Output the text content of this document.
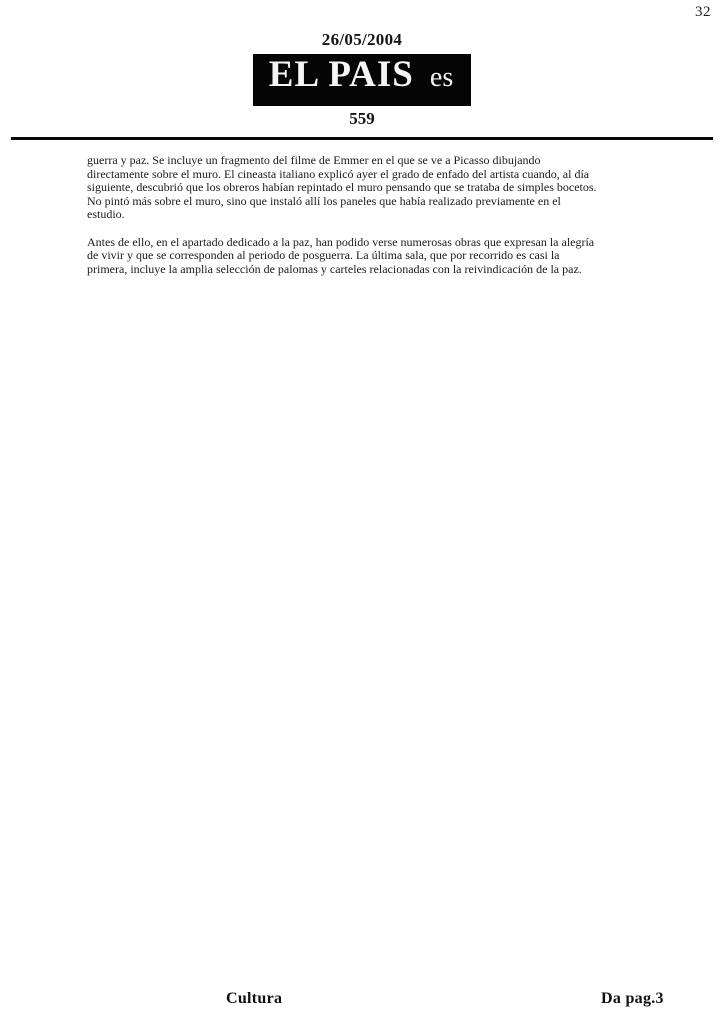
32
26/05/2004
EL PAIS es
559
guerra y paz. Se incluye un fragmento del filme de Emmer en el que se ve a Picasso dibujando
directamente sobre el muro. El cineasta italiano explicó ayer el grado de enfado del artista cuando, al día
siguiente, descubrió que los obreros habían repintado el muro pensando que se trataba de simples bocetos.
No pintó más sobre el muro, sino que instaló allí los paneles que había realizado previamente en el
estudio.
Antes de ello, en el apartado dedicado a la paz, han podido verse numerosas obras que expresan la alegría
de vivir y que se corresponden al periodo de posguerra. La última sala, que por recorrido es casi la
primera, incluye la amplia selección de palomas y carteles relacionadas con la reivindicación de la paz.
Cultura	Da pag.3
